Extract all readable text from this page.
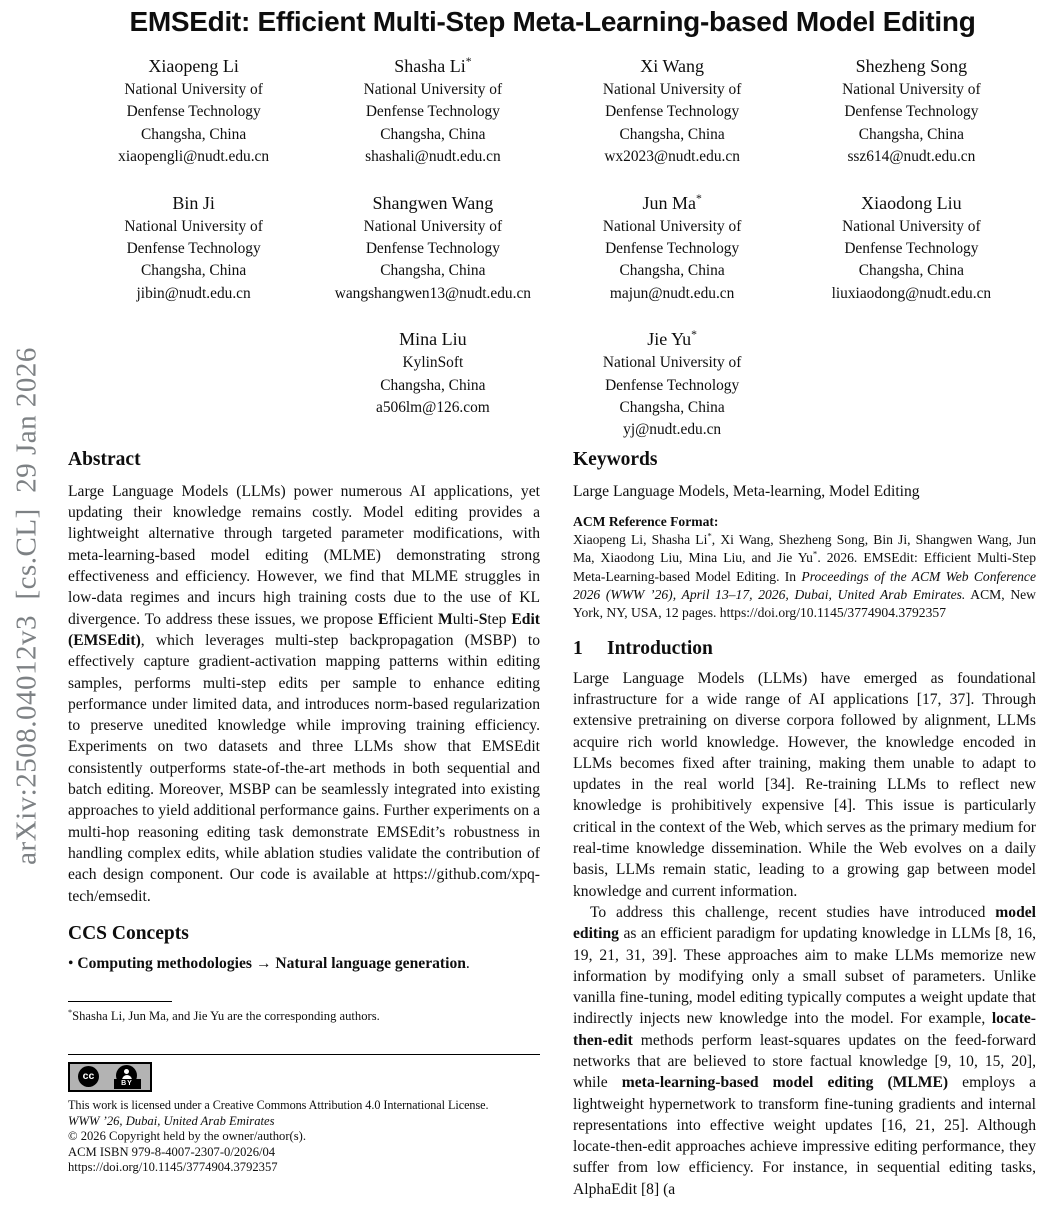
arXiv:2508.04012v3  [cs.CL]  29 Jan 2026
EMSEdit: Efficient Multi-Step Meta-Learning-based Model Editing
Xiaopeng Li
National University of
Denfense Technology
Changsha, China
xiaopengli@nudt.edu.cn
Shasha Li*
National University of
Denfense Technology
Changsha, China
shashali@nudt.edu.cn
Xi Wang
National University of
Denfense Technology
Changsha, China
wx2023@nudt.edu.cn
Shezheng Song
National University of
Denfense Technology
Changsha, China
ssz614@nudt.edu.cn
Bin Ji
National University of
Denfense Technology
Changsha, China
jibin@nudt.edu.cn
Shangwen Wang
National University of
Denfense Technology
Changsha, China
wangshangwen13@nudt.edu.cn
Jun Ma*
National University of
Denfense Technology
Changsha, China
majun@nudt.edu.cn
Xiaodong Liu
National University of
Denfense Technology
Changsha, China
liuxiaodong@nudt.edu.cn
Mina Liu
KylinSoft
Changsha, China
a506lm@126.com
Jie Yu*
National University of
Denfense Technology
Changsha, China
yj@nudt.edu.cn
Abstract

Large Language Models (LLMs) power numerous AI applications, yet updating their knowledge remains costly. Model editing provides a lightweight alternative through targeted parameter modifications, with meta-learning-based model editing (MLME) demonstrating strong effectiveness and efficiency. However, we find that MLME struggles in low-data regimes and incurs high training costs due to the use of KL divergence. To address these issues, we propose Efficient Multi-Step Edit (EMSEdit), which leverages multi-step backpropagation (MSBP) to effectively capture gradient-activation mapping patterns within editing samples, performs multi-step edits per sample to enhance editing performance under limited data, and introduces norm-based regularization to preserve unedited knowledge while improving training efficiency. Experiments on two datasets and three LLMs show that EMSEdit consistently outperforms state-of-the-art methods in both sequential and batch editing. Moreover, MSBP can be seamlessly integrated into existing approaches to yield additional performance gains. Further experiments on a multi-hop reasoning editing task demonstrate EMSEdit’s robustness in handling complex edits, while ablation studies validate the contribution of each design component. Our code is available at https://github.com/xpq-tech/emsedit.

CCS Concepts

• Computing methodologies → Natural language generation.

*Shasha Li, Jun Ma, and Jie Yu are the corresponding authors.
cc
BY
This work is licensed under a Creative Commons Attribution 4.0 International License.
WWW ’26, Dubai, United Arab Emirates
© 2026 Copyright held by the owner/author(s).
ACM ISBN 979-8-4007-2307-0/2026/04
https://doi.org/10.1145/3774904.3792357
Keywords

Large Language Models, Meta-learning, Model Editing

ACM Reference Format:

Xiaopeng Li, Shasha Li*, Xi Wang, Shezheng Song, Bin Ji, Shangwen Wang, Jun Ma, Xiaodong Liu, Mina Liu, and Jie Yu*. 2026. EMSEdit: Efficient Multi-Step Meta-Learning-based Model Editing. In Proceedings of the ACM Web Conference 2026 (WWW ’26), April 13–17, 2026, Dubai, United Arab Emirates. ACM, New York, NY, USA, 12 pages. https://doi.org/10.1145/3774904.3792357

1 Introduction

Large Language Models (LLMs) have emerged as foundational infrastructure for a wide range of AI applications [17, 37]. Through extensive pretraining on diverse corpora followed by alignment, LLMs acquire rich world knowledge. However, the knowledge encoded in LLMs becomes fixed after training, making them unable to adapt to updates in the real world [34]. Re-training LLMs to reflect new knowledge is prohibitively expensive [4]. This issue is particularly critical in the context of the Web, which serves as the primary medium for real-time knowledge dissemination. While the Web evolves on a daily basis, LLMs remain static, leading to a growing gap between model knowledge and current information.

To address this challenge, recent studies have introduced model editing as an efficient paradigm for updating knowledge in LLMs [8, 16, 19, 21, 31, 39]. These approaches aim to make LLMs memorize new information by modifying only a small subset of parameters. Unlike vanilla fine-tuning, model editing typically computes a weight update that indirectly injects new knowledge into the model. For example, locate-then-edit methods perform least-squares updates on the feed-forward networks that are believed to store factual knowledge [9, 10, 15, 20], while meta-learning-based model editing (MLME) employs a lightweight hypernetwork to transform fine-tuning gradients and internal representations into effective weight updates [16, 21, 25]. Although locate-then-edit approaches achieve impressive editing performance, they suffer from low efficiency. For instance, in sequential editing tasks, AlphaEdit [8] (a
